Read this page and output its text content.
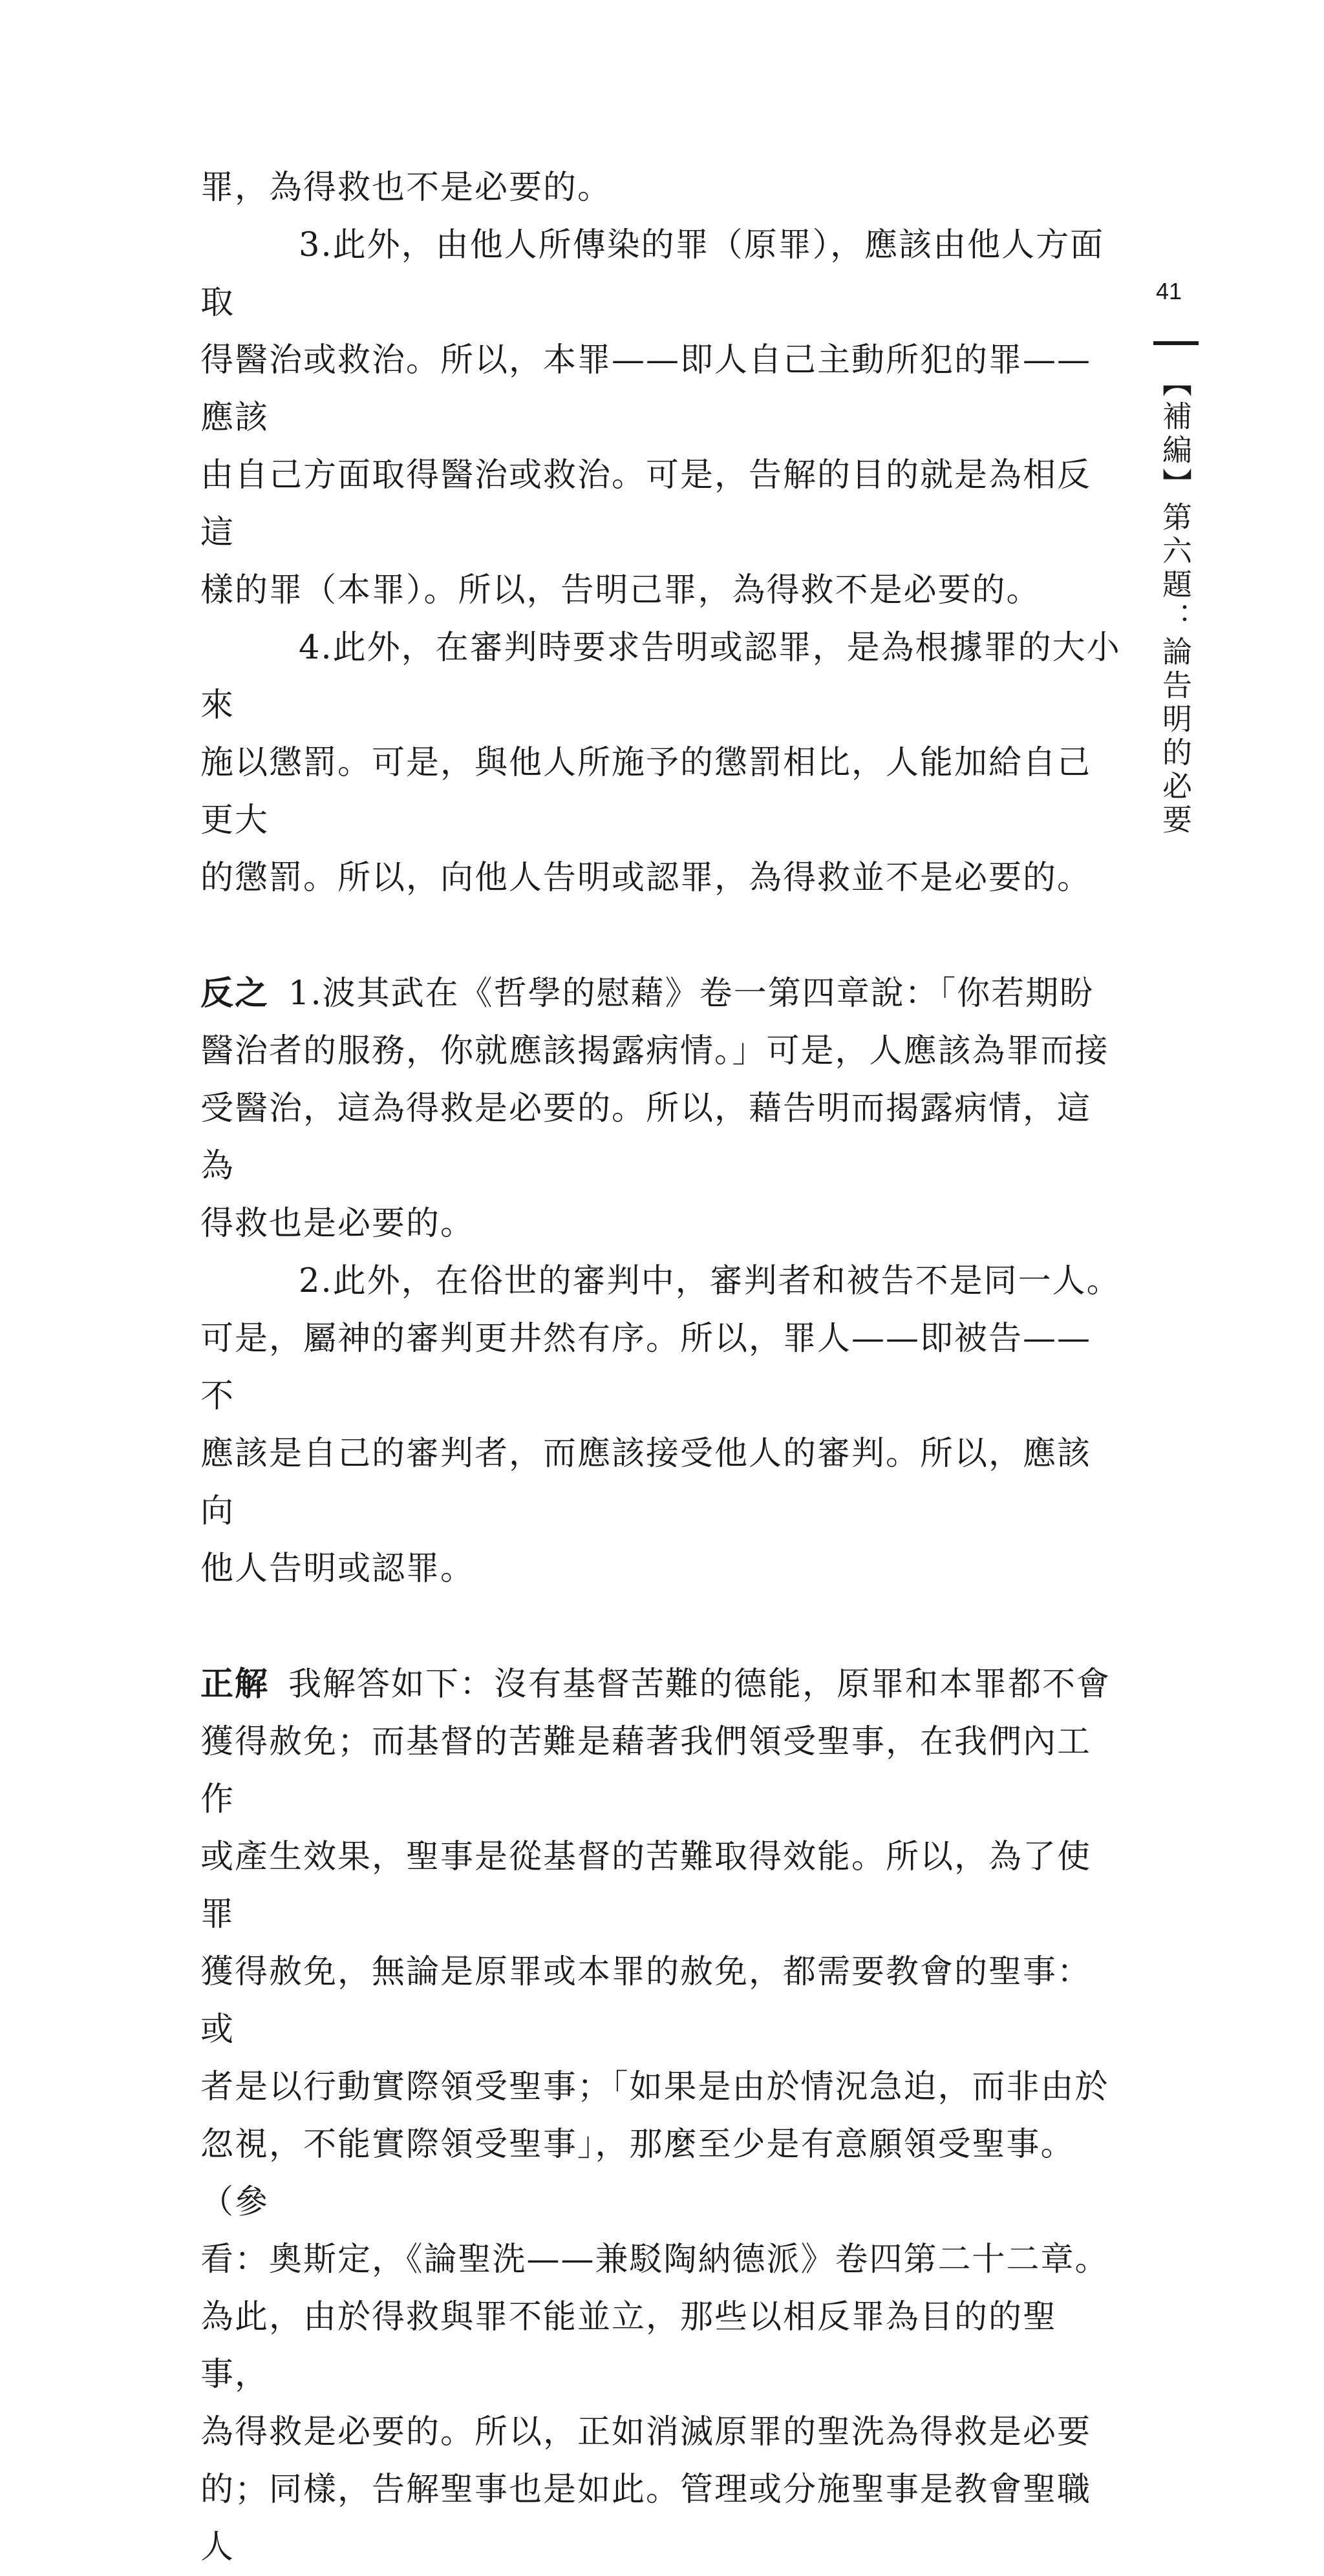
41
【補編】第六題：論告明的必要

罪，為得救也不是必要的。

3.此外，由他人所傳染的罪（原罪），應該由他人方面取

得醫治或救治。所以，本罪——即人自己主動所犯的罪——應該

由自己方面取得醫治或救治。可是，告解的目的就是為相反這

樣的罪（本罪）。所以，告明己罪，為得救不是必要的。

4.此外，在審判時要求告明或認罪，是為根據罪的大小來

施以懲罰。可是，與他人所施予的懲罰相比，人能加給自己更大

的懲罰。所以，向他人告明或認罪，為得救並不是必要的。

反之 1.波其武在《哲學的慰藉》卷一第四章說：「你若期盼

醫治者的服務，你就應該揭露病情。」可是，人應該為罪而接

受醫治，這為得救是必要的。所以，藉告明而揭露病情，這為

得救也是必要的。

2.此外，在俗世的審判中，審判者和被告不是同一人。

可是，屬神的審判更井然有序。所以，罪人——即被告——不

應該是自己的審判者，而應該接受他人的審判。所以，應該向

他人告明或認罪。

正解 我解答如下：沒有基督苦難的德能，原罪和本罪都不會

獲得赦免；而基督的苦難是藉著我們領受聖事，在我們內工作

或產生效果，聖事是從基督的苦難取得效能。所以，為了使罪

獲得赦免，無論是原罪或本罪的赦免，都需要教會的聖事：或

者是以行動實際領受聖事；「如果是由於情況急迫，而非由於

忽視，不能實際領受聖事」，那麼至少是有意願領受聖事。（參

看：奧斯定，《論聖洗——兼駁陶納德派》卷四第二十二章。

為此，由於得救與罪不能並立，那些以相反罪為目的的聖事，

為得救是必要的。所以，正如消滅原罪的聖洗為得救是必要

的；同樣，告解聖事也是如此。管理或分施聖事是教會聖職人
